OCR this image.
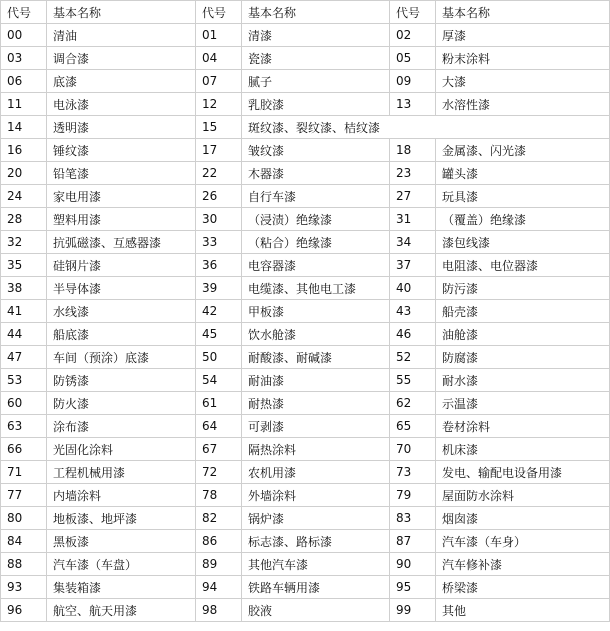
代号	基本名称	代号	基本名称	代号	基本名称
00	清油	01	清漆	02	厚漆
03	调合漆	04	瓷漆	05	粉末涂料
06	底漆	07	腻子	09	大漆
11	电泳漆	12	乳胶漆	13	水溶性漆
14	透明漆	15	斑纹漆、裂纹漆、桔纹漆		
16	锤纹漆	17	皱纹漆	18	金属漆、闪光漆
20	铅笔漆	22	木器漆	23	罐头漆
24	家电用漆	26	自行车漆	27	玩具漆
28	塑料用漆	30	（浸渍）绝缘漆	31	（覆盖）绝缘漆
32	抗弧磁漆、互感器漆	33	（粘合）绝缘漆	34	漆包线漆
35	硅钢片漆	36	电容器漆	37	电阻漆、电位器漆
38	半导体漆	39	电缆漆、其他电工漆	40	防污漆
41	水线漆	42	甲板漆	43	船壳漆
44	船底漆	45	饮水舱漆	46	油舱漆
47	车间（预涂）底漆	50	耐酸漆、耐碱漆	52	防腐漆
53	防锈漆	54	耐油漆	55	耐水漆
60	防火漆	61	耐热漆	62	示温漆
63	涂布漆	64	可剥漆	65	卷材涂料
66	光固化涂料	67	隔热涂料	70	机床漆
71	工程机械用漆	72	农机用漆	73	发电、输配电设备用漆
77	内墙涂料	78	外墙涂料	79	屋面防水涂料
80	地板漆、地坪漆	82	锅炉漆	83	烟囱漆
84	黑板漆	86	标志漆、路标漆	87	汽车漆（车身）
88	汽车漆（车盘）	89	其他汽车漆	90	汽车修补漆
93	集装箱漆	94	铁路车辆用漆	95	桥梁漆
96	航空、航天用漆	98	胶液	99	其他
